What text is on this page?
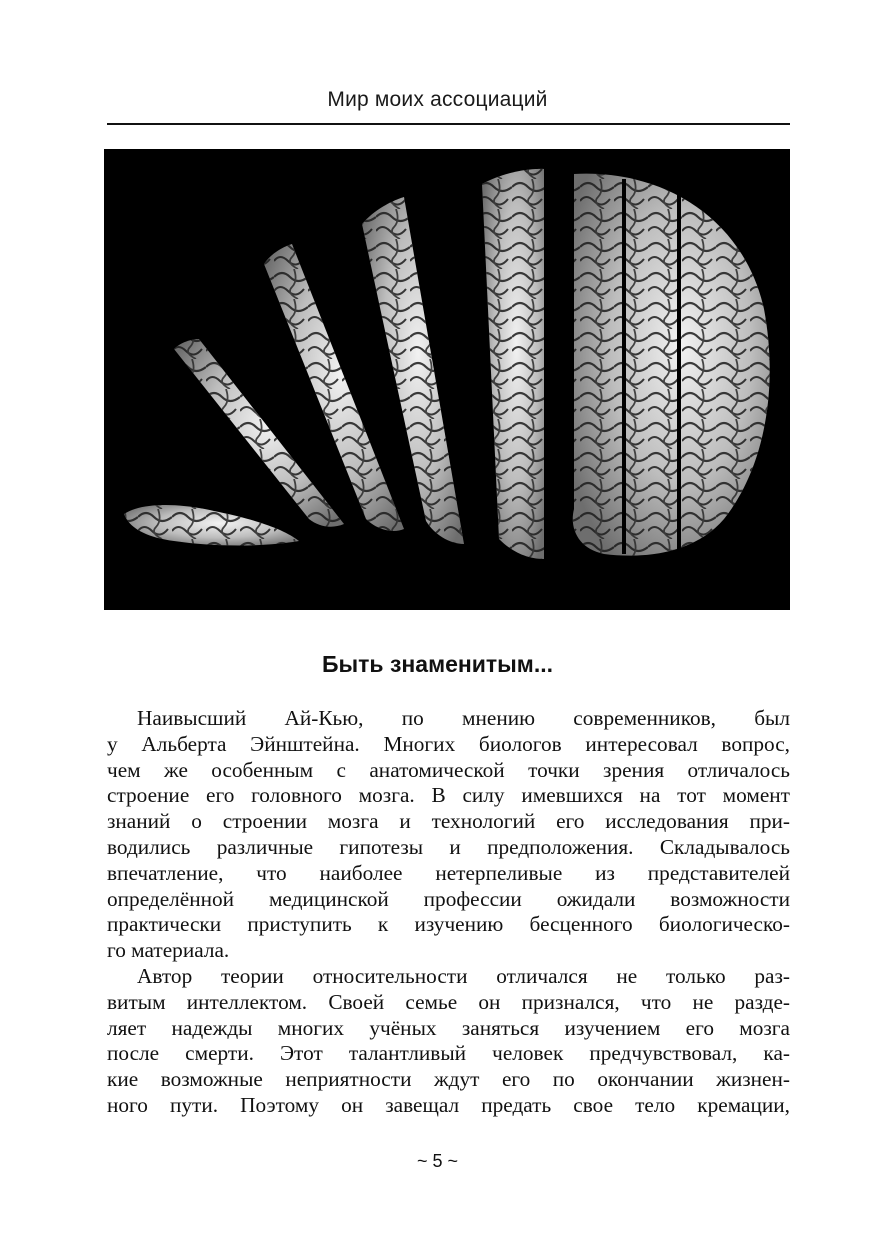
Мир моих ассоциаций
Быть знаменитым...

Наивысший Ай-Кью, по мнению современников, был
у Альберта Эйнштейна. Многих биологов интересовал вопрос,
чем же особенным с анатомической точки зрения отличалось
строение его головного мозга. В силу имевшихся на тот момент
знаний о строении мозга и технологий его исследования при-
водились различные гипотезы и предположения. Складывалось
впечатление, что наиболее нетерпеливые из представителей
определённой медицинской профессии ожидали возможности
практически приступить к изучению бесценного биологическо-
го материала.

Автор теории относительности отличался не только раз-
витым интеллектом. Своей семье он признался, что не разде-
ляет надежды многих учёных заняться изучением его мозга
после смерти. Этот талантливый человек предчувствовал, ка-
кие возможные неприятности ждут его по окончании жизнен-
ного пути. Поэтому он завещал предать свое тело кремации,

~ 5 ~
